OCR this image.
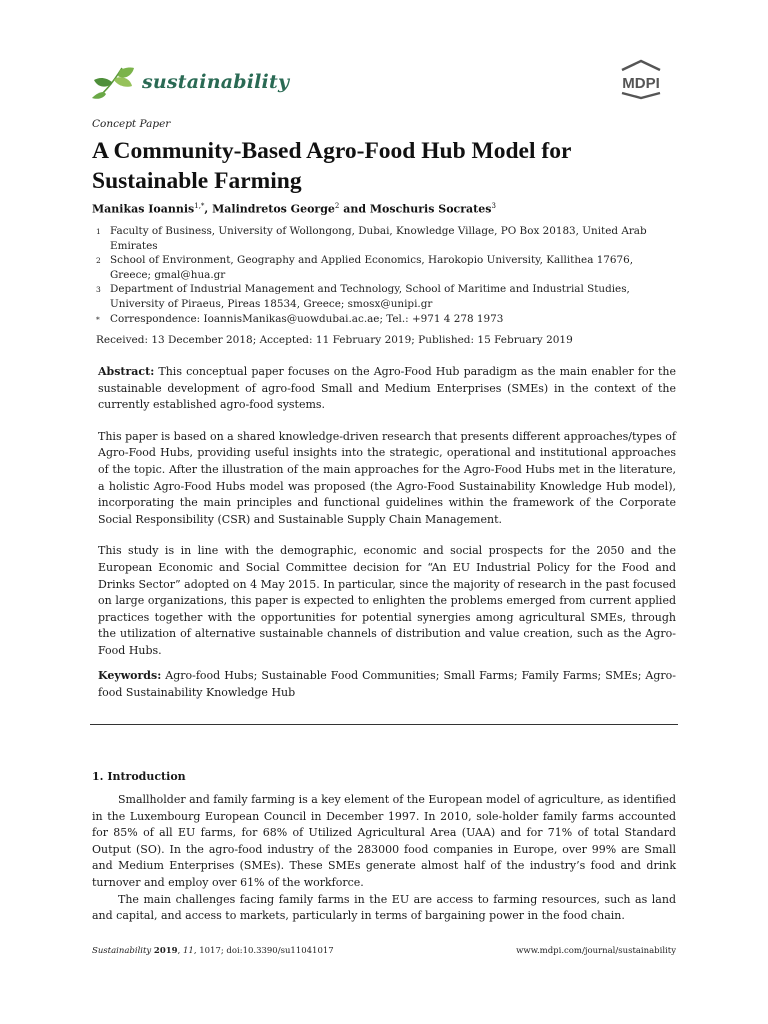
sustainability	MDPI
Concept Paper
A Community-Based Agro-Food Hub Model for Sustainable Farming
Manikas Ioannis$^{1,*}$, Malindretos George$^2$ and Moschuris Socrates$^3$
1 Faculty of Business, University of Wollongong, Dubai, Knowledge Village, PO Box 20183, United Arab Emirates
2 School of Environment, Geography and Applied Economics, Harokopio University, Kallithea 17676, Greece; gmal@hua.gr
3 Department of Industrial Management and Technology, School of Maritime and Industrial Studies, University of Piraeus, Pireas 18534, Greece; smosx@unipi.gr
* Correspondence: IoannisManikas@uowdubai.ac.ae; Tel.: +971 4 278 1973
Received: 13 December 2018; Accepted: 11 February 2019; Published: 15 February 2019

Abstract: This conceptual paper focuses on the Agro-Food Hub paradigm as the main enabler for the sustainable development of agro-food Small and Medium Enterprises (SMEs) in the context of the currently established agro-food systems.

This paper is based on a shared knowledge-driven research that presents different approaches/types of Agro-Food Hubs, providing useful insights into the strategic, operational and institutional approaches of the topic. After the illustration of the main approaches for the Agro-Food Hubs met in the literature, a holistic Agro-Food Hubs model was proposed (the Agro-Food Sustainability Knowledge Hub model), incorporating the main principles and functional guidelines within the framework of the Corporate Social Responsibility (CSR) and Sustainable Supply Chain Management.

This study is in line with the demographic, economic and social prospects for the 2050 and the European Economic and Social Committee decision for “An EU Industrial Policy for the Food and Drinks Sector” adopted on 4 May 2015. In particular, since the majority of research in the past focused on large organizations, this paper is expected to enlighten the problems emerged from current applied practices together with the opportunities for potential synergies among agricultural SMEs, through the utilization of alternative sustainable channels of distribution and value creation, such as the Agro-Food Hubs.

Keywords: Agro-food Hubs; Sustainable Food Communities; Small Farms; Family Farms; SMEs; Agro-food Sustainability Knowledge Hub
1. Introduction

Smallholder and family farming is a key element of the European model of agriculture, as identified in the Luxembourg European Council in December 1997. In 2010, sole-holder family farms accounted for 85% of all EU farms, for 68% of Utilized Agricultural Area (UAA) and for 71% of total Standard Output (SO). In the agro-food industry of the 283000 food companies in Europe, over 99% are Small and Medium Enterprises (SMEs). These SMEs generate almost half of the industry’s food and drink turnover and employ over 61% of the workforce.

The main challenges facing family farms in the EU are access to farming resources, such as land and capital, and access to markets, particularly in terms of bargaining power in the food chain.

Sustainability 2019, 11, 1017; doi:10.3390/su11041017	www.mdpi.com/journal/sustainability
